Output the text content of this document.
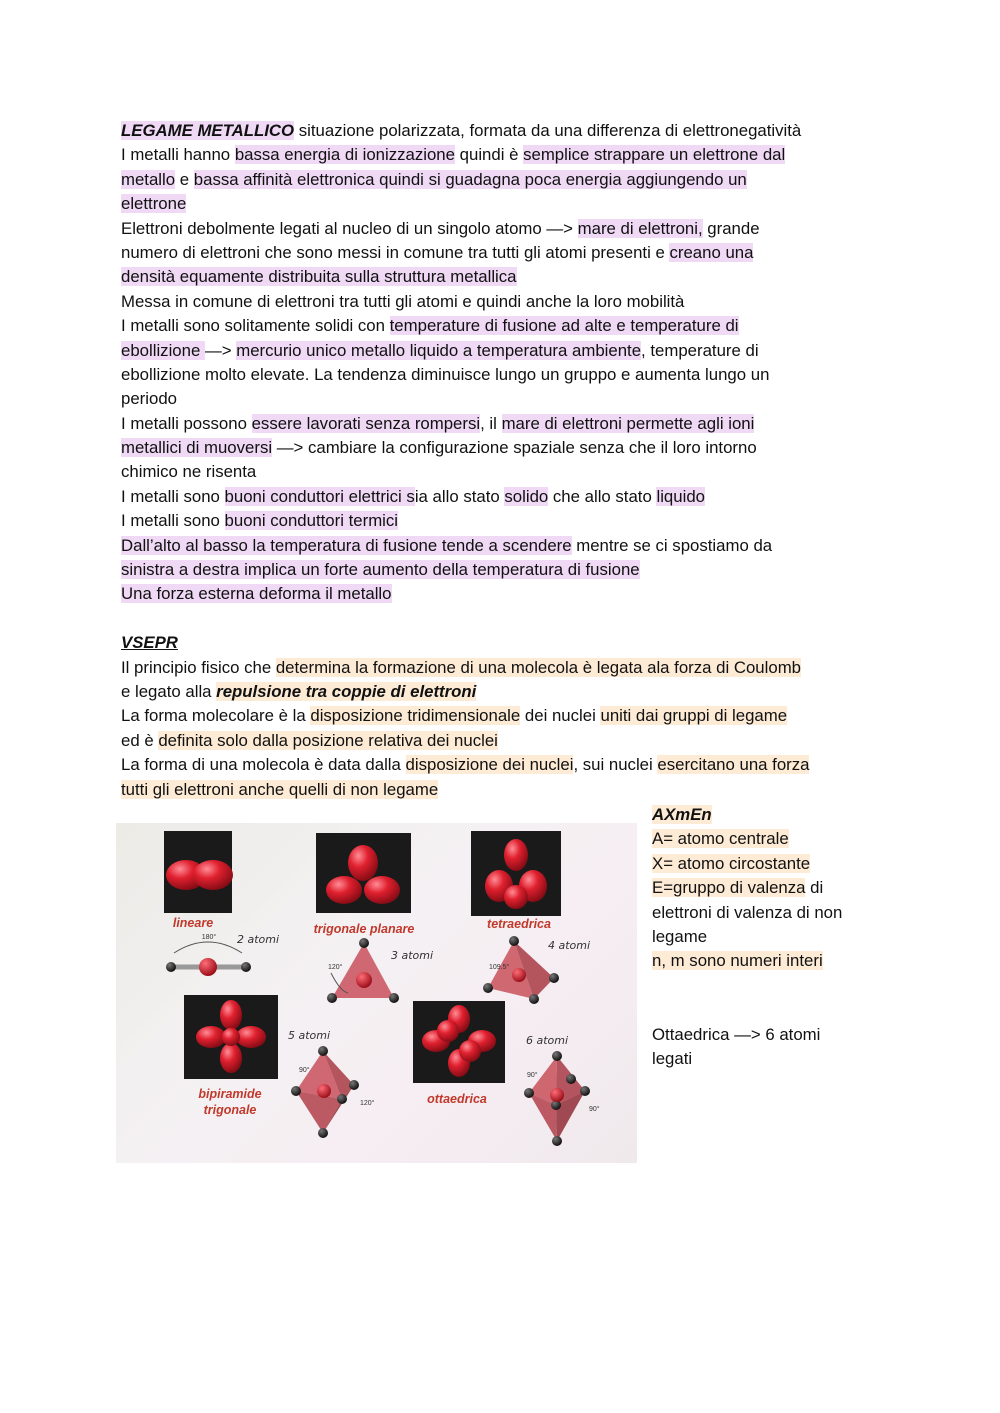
LEGAME METALLICO situazione polarizzata, formata da una differenza di elettronegatività
I metalli hanno bassa energia di ionizzazione quindi è semplice strappare un elettrone dal
metallo e bassa affinità elettronica quindi si guadagna poca energia aggiungendo un
elettrone
Elettroni debolmente legati al nucleo di un singolo atomo —> mare di elettroni, grande
numero di elettroni che sono messi in comune tra tutti gli atomi presenti e creano una
densità equamente distribuita sulla struttura metallica
Messa in comune di elettroni tra tutti gli atomi e quindi anche la loro mobilità
I metalli sono solitamente solidi con temperature di fusione ad alte e temperature di
ebollizione —> mercurio unico metallo liquido a temperatura ambiente, temperature di
ebollizione molto elevate. La tendenza diminuisce lungo un gruppo e aumenta lungo un
periodo
I metalli possono essere lavorati senza rompersi, il mare di elettroni permette agli ioni
metallici di muoversi —> cambiare la configurazione spaziale senza che il loro intorno
chimico ne risenta
I metalli sono buoni conduttori elettrici sia allo stato solido che allo stato liquido
I metalli sono buoni conduttori termici
Dall’alto al basso la temperatura di fusione tende a scendere mentre se ci spostiamo da
sinistra a destra implica un forte aumento della temperatura di fusione
Una forza esterna deforma il metallo
VSEPR
Il principio fisico che determina la formazione di una molecola è legata ala forza di Coulomb
e legato alla repulsione tra coppie di elettroni
La forma molecolare è la disposizione tridimensionale dei nuclei uniti dai gruppi di legame
ed è definita solo dalla posizione relativa dei nuclei
La forma di una molecola è data dalla disposizione dei nuclei, sui nuclei esercitano una forza
tutti gli elettroni anche quelli di non legame
lineare
2 atomi
180°
trigonale planare
3 atomi
120°
tetraedrica
4 atomi
109.5°
bipiramide
trigonale
5 atomi
90°
120°	ottaedrica
6 atomi
90°
90°
AXmEn
A= atomo centrale
X= atomo circostante
E=gruppo di valenza di
elettroni di valenza di non
legame
n, m sono numeri interi
Ottaedrica —> 6 atomi
legati
